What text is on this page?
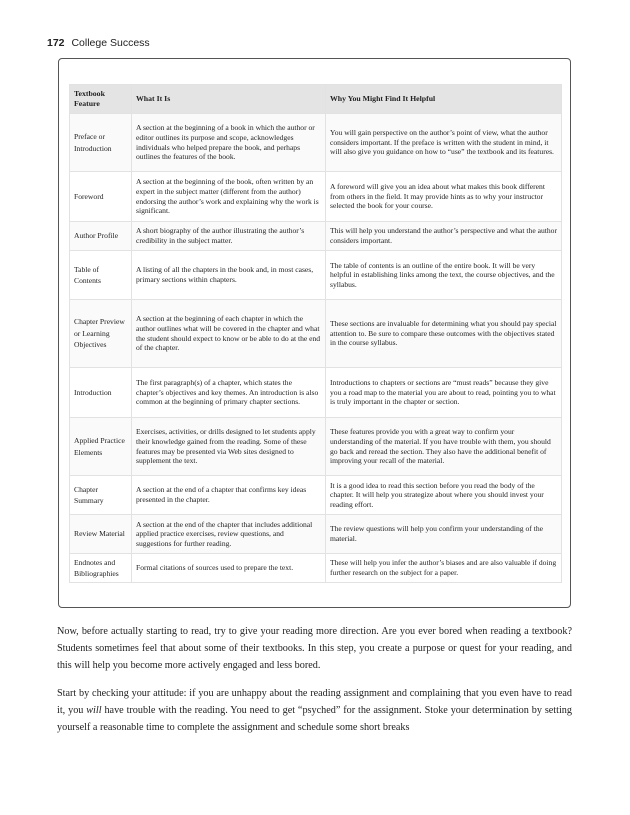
172 College Success
Textbook Feature	What It Is	Why You Might Find It Helpful
Preface or Introduction	A section at the beginning of a book in which the author or editor outlines its purpose and scope, acknowledges individuals who helped prepare the book, and perhaps outlines the features of the book.	You will gain perspective on the author’s point of view, what the author considers important. If the preface is written with the student in mind, it will also give you guidance on how to “use” the textbook and its features.
Foreword	A section at the beginning of the book, often written by an expert in the subject matter (different from the author) endorsing the author’s work and explaining why the work is significant.	A foreword will give you an idea about what makes this book different from others in the field. It may provide hints as to why your instructor selected the book for your course.
Author Profile	A short biography of the author illustrating the author’s credibility in the subject matter.	This will help you understand the author’s perspective and what the author considers important.
Table of Contents	A listing of all the chapters in the book and, in most cases, primary sections within chapters.	The table of contents is an outline of the entire book. It will be very helpful in establishing links among the text, the course objectives, and the syllabus.
Chapter Preview or Learning Objectives	A section at the beginning of each chapter in which the author outlines what will be covered in the chapter and what the student should expect to know or be able to do at the end of the chapter.	These sections are invaluable for determining what you should pay special attention to. Be sure to compare these outcomes with the objectives stated in the course syllabus.
Introduction	The first paragraph(s) of a chapter, which states the chapter’s objectives and key themes. An introduction is also common at the beginning of primary chapter sections.	Introductions to chapters or sections are “must reads” because they give you a road map to the material you are about to read, pointing you to what is truly important in the chapter or section.
Applied Practice Elements	Exercises, activities, or drills designed to let students apply their knowledge gained from the reading. Some of these features may be presented via Web sites designed to supplement the text.	These features provide you with a great way to confirm your understanding of the material. If you have trouble with them, you should go back and reread the section. They also have the additional benefit of improving your recall of the material.
Chapter Summary	A section at the end of a chapter that confirms key ideas presented in the chapter.	It is a good idea to read this section before you read the body of the chapter. It will help you strategize about where you should invest your reading effort.
Review Material	A section at the end of the chapter that includes additional applied practice exercises, review questions, and suggestions for further reading.	The review questions will help you confirm your understanding of the material.
Endnotes and Bibliographies	Formal citations of sources used to prepare the text.	These will help you infer the author’s biases and are also valuable if doing further research on the subject for a paper.

Now, before actually starting to read, try to give your reading more direction. Are you ever bored when reading a textbook? Students sometimes feel that about some of their textbooks. In this step, you create a purpose or quest for your reading, and this will help you become more actively engaged and less bored.

Start by checking your attitude: if you are unhappy about the reading assignment and complaining that you even have to read it, you will have trouble with the reading. You need to get “psyched” for the assignment. Stoke your determination by setting yourself a reasonable time to complete the assignment and schedule some short breaks
